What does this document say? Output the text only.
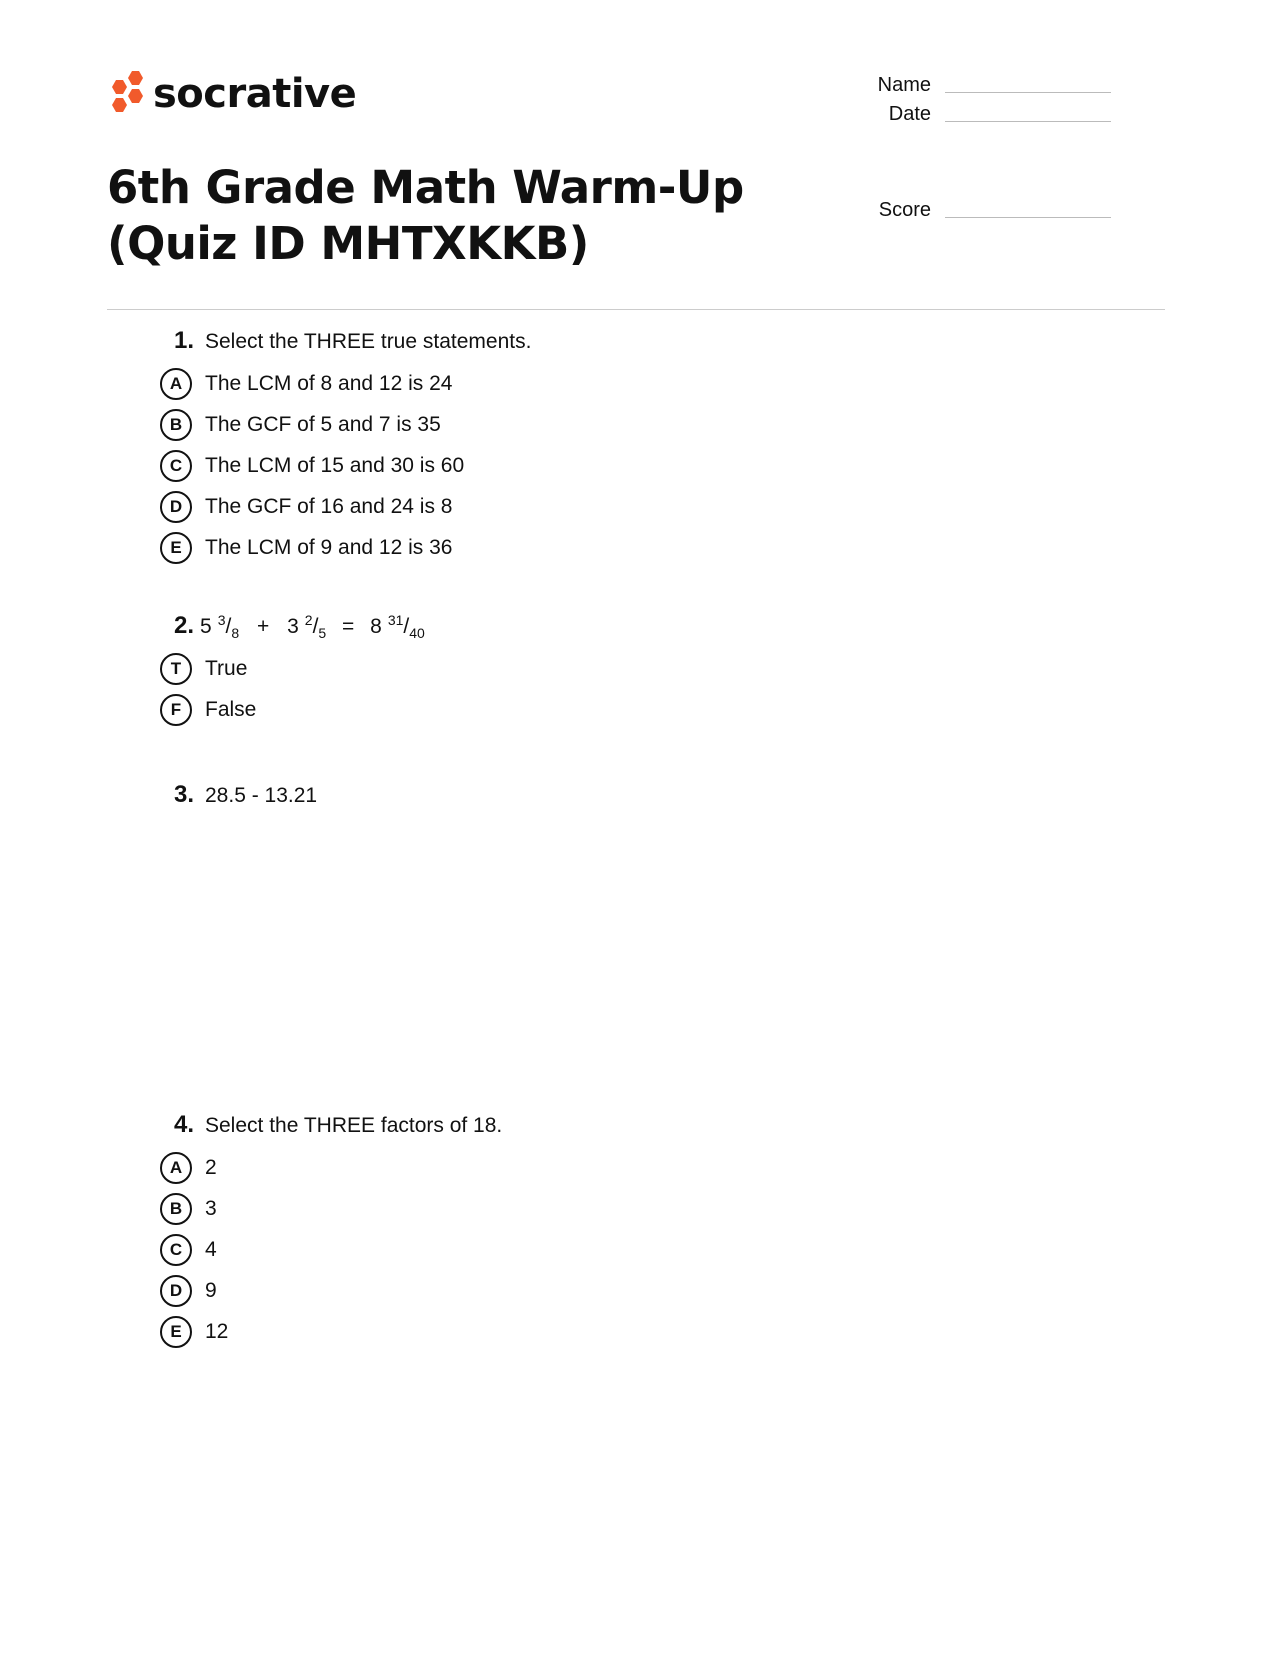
socrative	Name
Date
Score
6th Grade Math Warm-Up (Quiz ID MHTXKKB)
1. Select the THREE true statements.
A	The LCM of 8 and 12 is 24
B	The GCF of 5 and 7 is 35
C	The LCM of 15 and 30 is 60
D	The GCF of 16 and 24 is 8
E	The LCM of 9 and 12 is 36
2. 5 $^3/_8 + 3$ $^2/_5 = 8$ $^{31}/_{40}$
T	True
F	False
3. 28.5 - 13.21
4. Select the THREE factors of 18.
A	2
B	3
C	4
D	9
E	12
